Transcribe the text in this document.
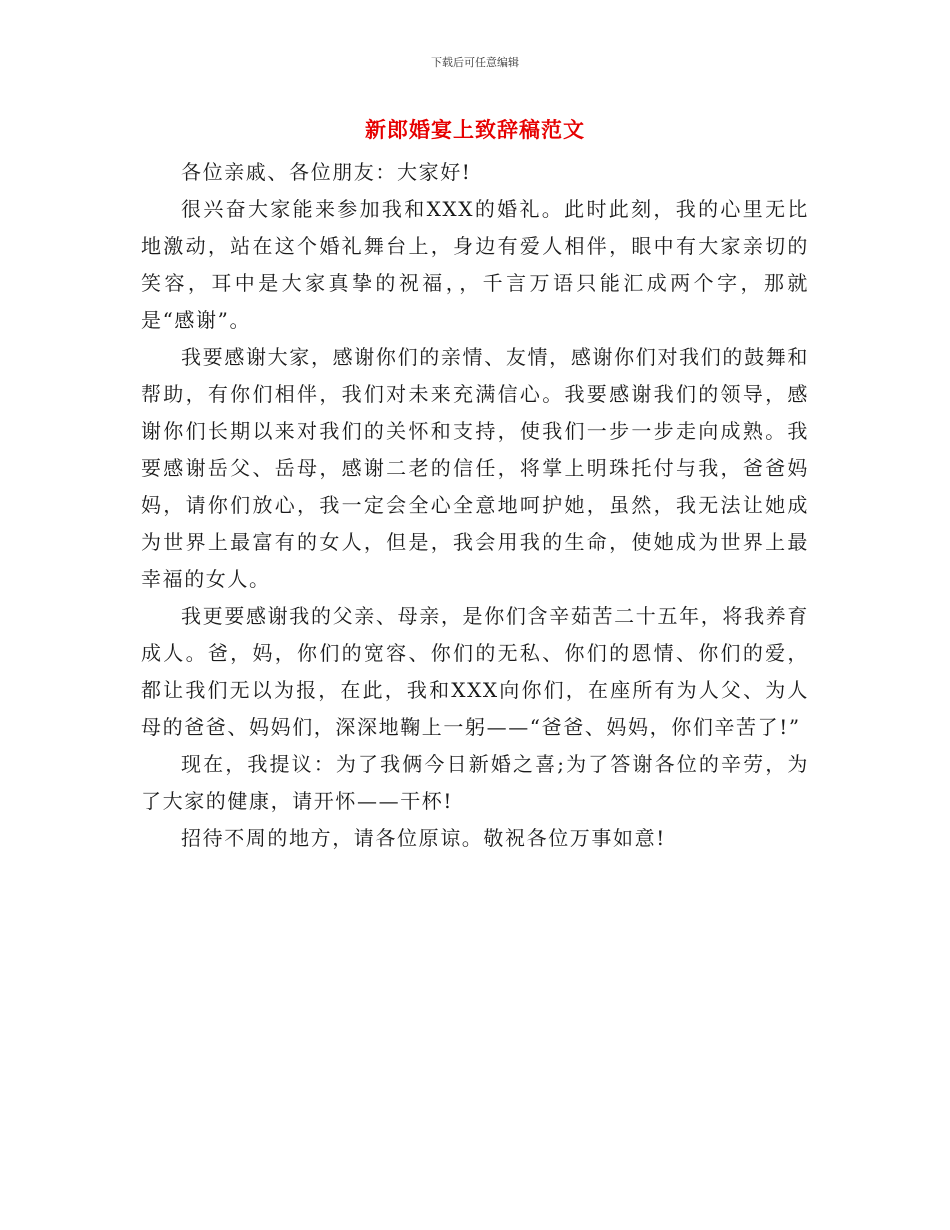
下载后可任意编辑
新郎婚宴上致辞稿范文

各位亲戚、各位朋友：大家好!

很兴奋大家能来参加我和XXX的婚礼。此时此刻，我的心里无比地激动，站在这个婚礼舞台上，身边有爱人相伴，眼中有大家亲切的笑容，耳中是大家真挚的祝福，，千言万语只能汇成两个字，那就是“感谢”。

我要感谢大家，感谢你们的亲情、友情，感谢你们对我们的鼓舞和帮助，有你们相伴，我们对未来充满信心。我要感谢我们的领导，感谢你们长期以来对我们的关怀和支持，使我们一步一步走向成熟。我要感谢岳父、岳母，感谢二老的信任，将掌上明珠托付与我，爸爸妈妈，请你们放心，我一定会全心全意地呵护她，虽然，我无法让她成为世界上最富有的女人，但是，我会用我的生命，使她成为世界上最幸福的女人。

我更要感谢我的父亲、母亲，是你们含辛茹苦二十五年，将我养育成人。爸，妈，你们的宽容、你们的无私、你们的恩情、你们的爱，都让我们无以为报，在此，我和XXX向你们，在座所有为人父、为人母的爸爸、妈妈们，深深地鞠上一躬——“爸爸、妈妈，你们辛苦了!”

现在，我提议：为了我俩今日新婚之喜;为了答谢各位的辛劳，为了大家的健康，请开怀——干杯!

招待不周的地方，请各位原谅。敬祝各位万事如意!
